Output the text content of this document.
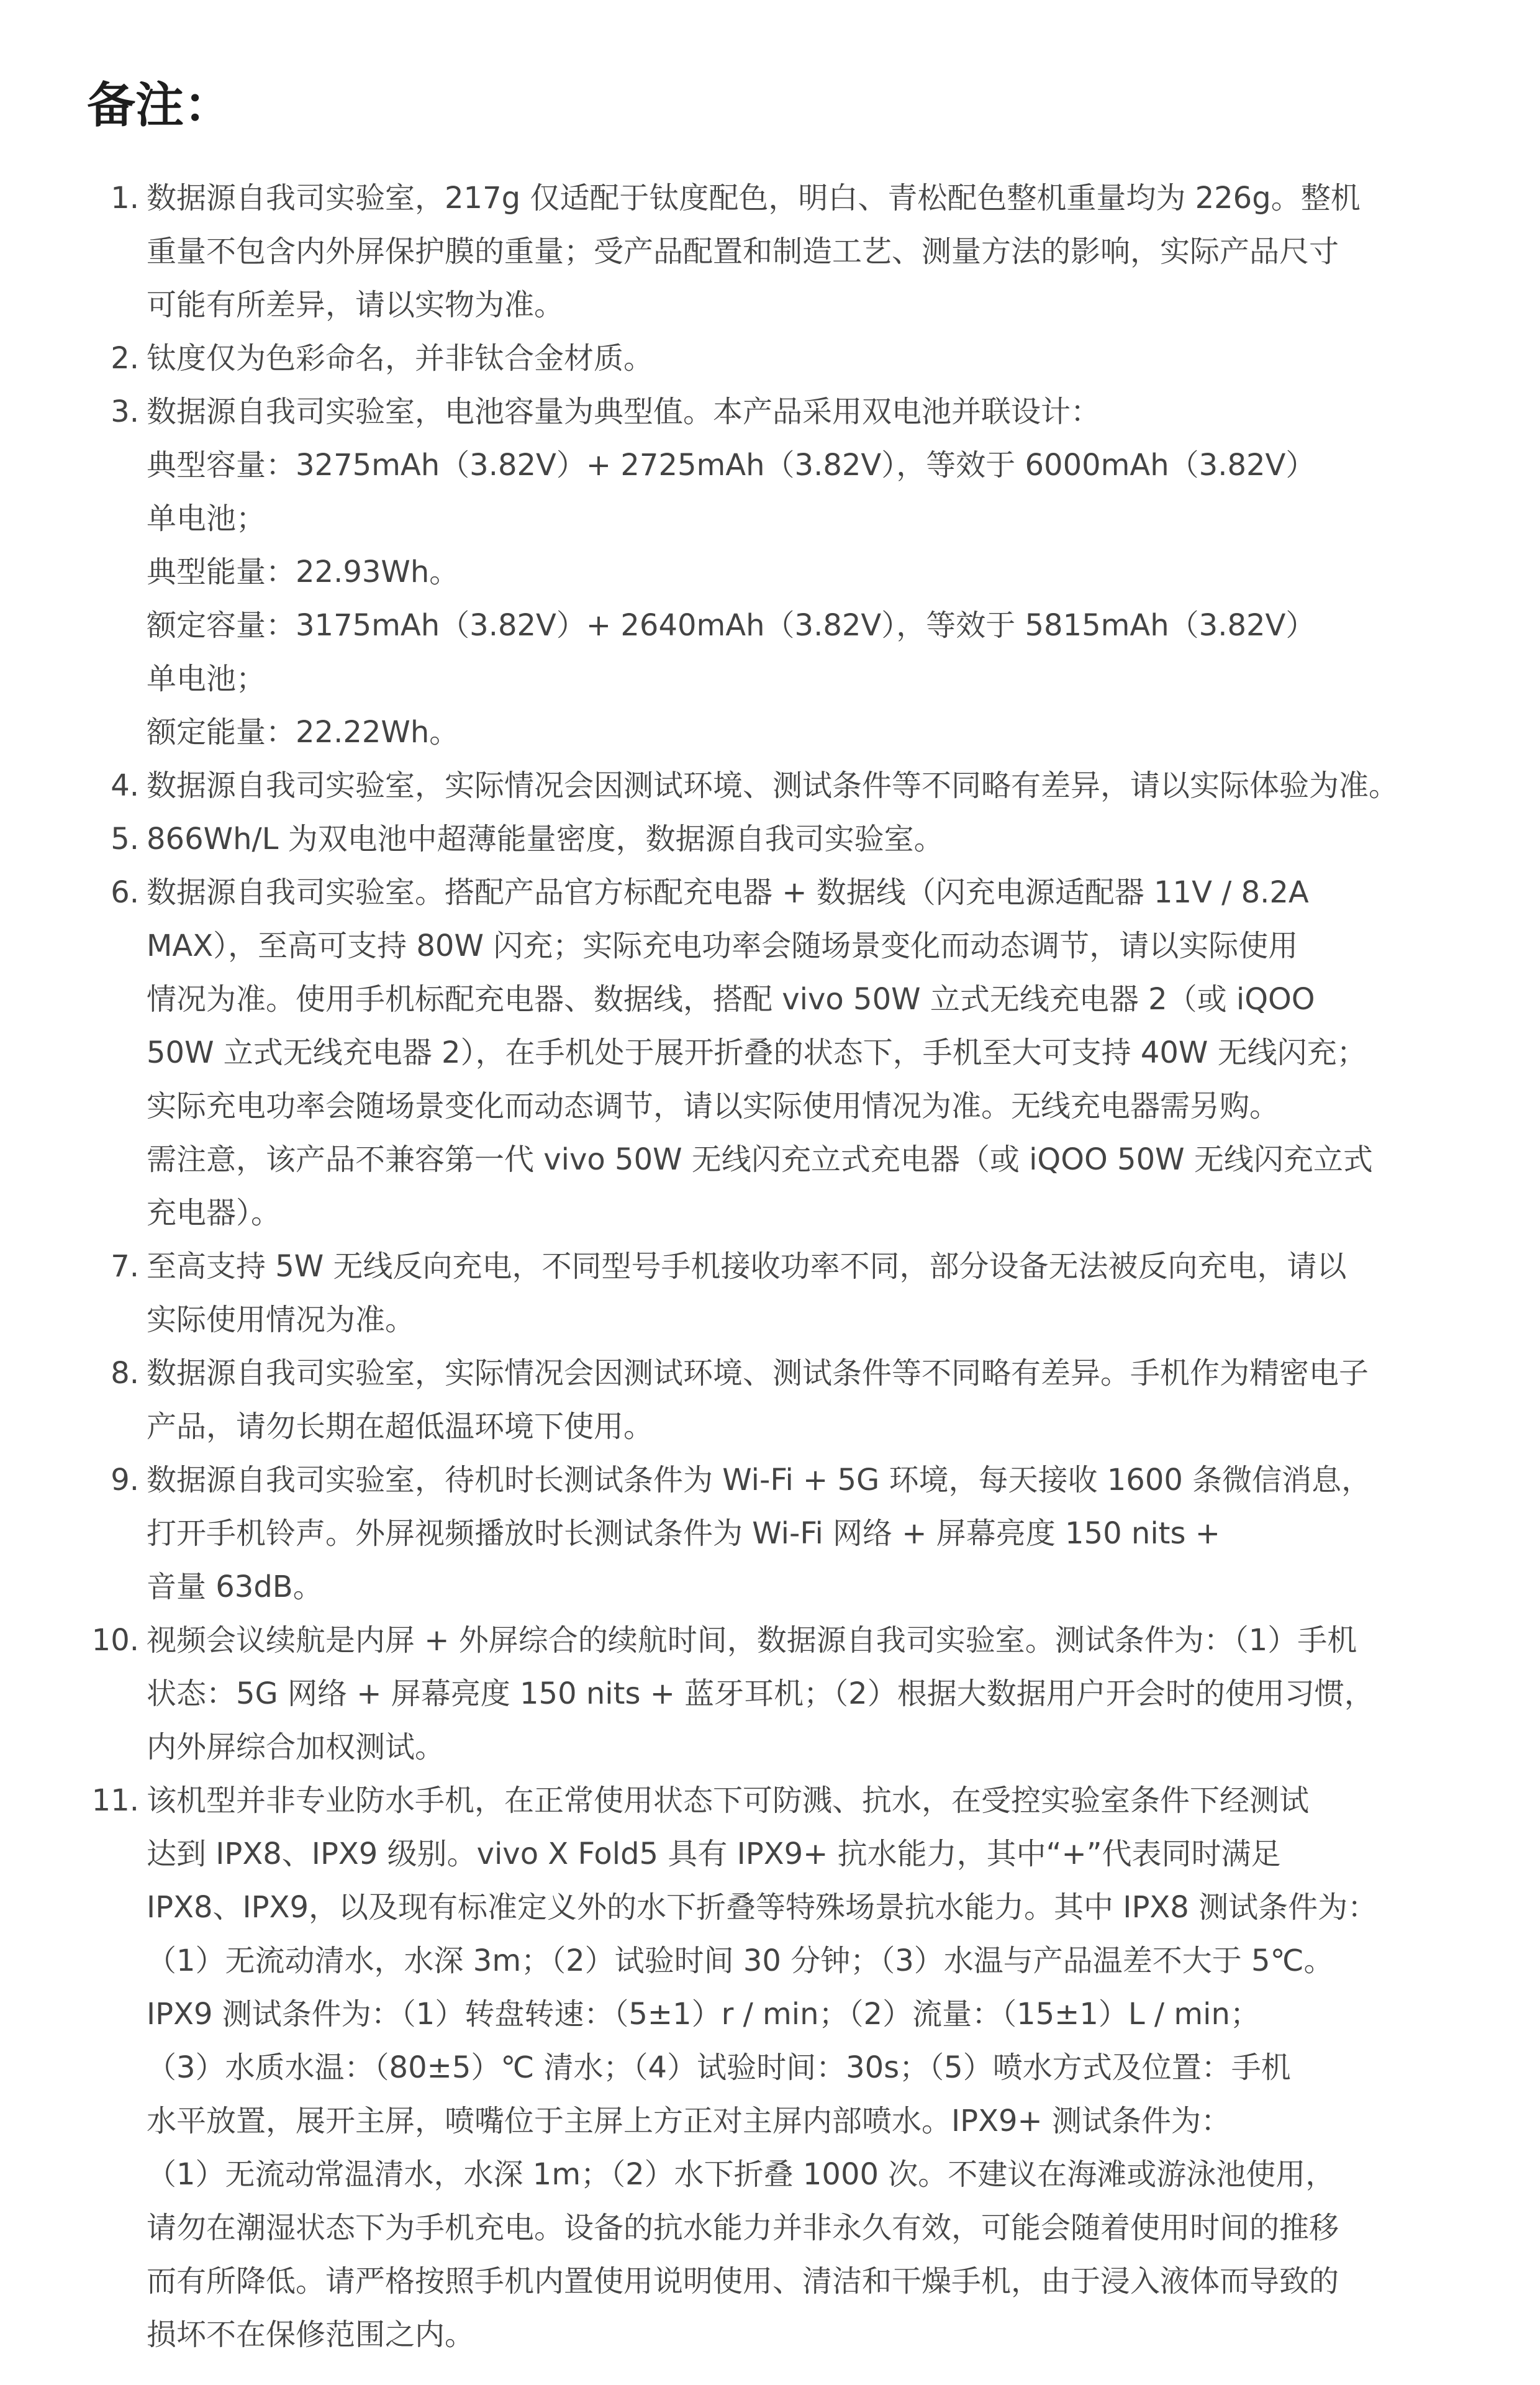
备注：
1. 数据源自我司实验室，217g 仅适配于钛度配色，明白、青松配色整机重量均为 226g。整机
重量不包含内外屏保护膜的重量；受产品配置和制造工艺、测量方法的影响，实际产品尺寸
可能有所差异，请以实物为准。
2. 钛度仅为色彩命名，并非钛合金材质。
3. 数据源自我司实验室，电池容量为典型值。本产品采用双电池并联设计：
典型容量：3275mAh（3.82V）+ 2725mAh（3.82V），等效于 6000mAh（3.82V）
单电池；
典型能量：22.93Wh。
额定容量：3175mAh（3.82V）+ 2640mAh（3.82V），等效于 5815mAh（3.82V）
单电池；
额定能量：22.22Wh。
4. 数据源自我司实验室，实际情况会因测试环境、测试条件等不同略有差异，请以实际体验为准。
5. 866Wh/L 为双电池中超薄能量密度，数据源自我司实验室。
6. 数据源自我司实验室。搭配产品官方标配充电器 + 数据线（闪充电源适配器 11V / 8.2A
MAX），至高可支持 80W 闪充；实际充电功率会随场景变化而动态调节，请以实际使用
情况为准。使用手机标配充电器、数据线，搭配 vivo 50W 立式无线充电器 2（或 iQOO
50W 立式无线充电器 2），在手机处于展开折叠的状态下，手机至大可支持 40W 无线闪充；
实际充电功率会随场景变化而动态调节，请以实际使用情况为准。无线充电器需另购。
需注意，该产品不兼容第一代 vivo 50W 无线闪充立式充电器（或 iQOO 50W 无线闪充立式
充电器）。
7. 至高支持 5W 无线反向充电，不同型号手机接收功率不同，部分设备无法被反向充电，请以
实际使用情况为准。
8. 数据源自我司实验室，实际情况会因测试环境、测试条件等不同略有差异。手机作为精密电子
产品，请勿长期在超低温环境下使用。
9. 数据源自我司实验室，待机时长测试条件为 Wi-Fi + 5G 环境，每天接收 1600 条微信消息，
打开手机铃声。外屏视频播放时长测试条件为 Wi-Fi 网络 + 屏幕亮度 150 nits +
音量 63dB。
10. 视频会议续航是内屏 + 外屏综合的续航时间，数据源自我司实验室。测试条件为：（1）手机
状态：5G 网络 + 屏幕亮度 150 nits + 蓝牙耳机；（2）根据大数据用户开会时的使用习惯，
内外屏综合加权测试。
11. 该机型并非专业防水手机，在正常使用状态下可防溅、抗水，在受控实验室条件下经测试
达到 IPX8、IPX9 级别。vivo X Fold5 具有 IPX9+ 抗水能力，其中“+”代表同时满足
IPX8、IPX9，以及现有标准定义外的水下折叠等特殊场景抗水能力。其中 IPX8 测试条件为：
（1）无流动清水，水深 3m；（2）试验时间 30 分钟；（3）水温与产品温差不大于 5℃。
IPX9 测试条件为：（1）转盘转速：（5±1）r / min；（2）流量：（15±1）L / min；
（3）水质水温：（80±5）℃ 清水；（4）试验时间：30s；（5）喷水方式及位置：手机
水平放置，展开主屏，喷嘴位于主屏上方正对主屏内部喷水。IPX9+ 测试条件为：
（1）无流动常温清水，水深 1m；（2）水下折叠 1000 次。不建议在海滩或游泳池使用，
请勿在潮湿状态下为手机充电。设备的抗水能力并非永久有效，可能会随着使用时间的推移
而有所降低。请严格按照手机内置使用说明使用、清洁和干燥手机，由于浸入液体而导致的
损坏不在保修范围之内。
